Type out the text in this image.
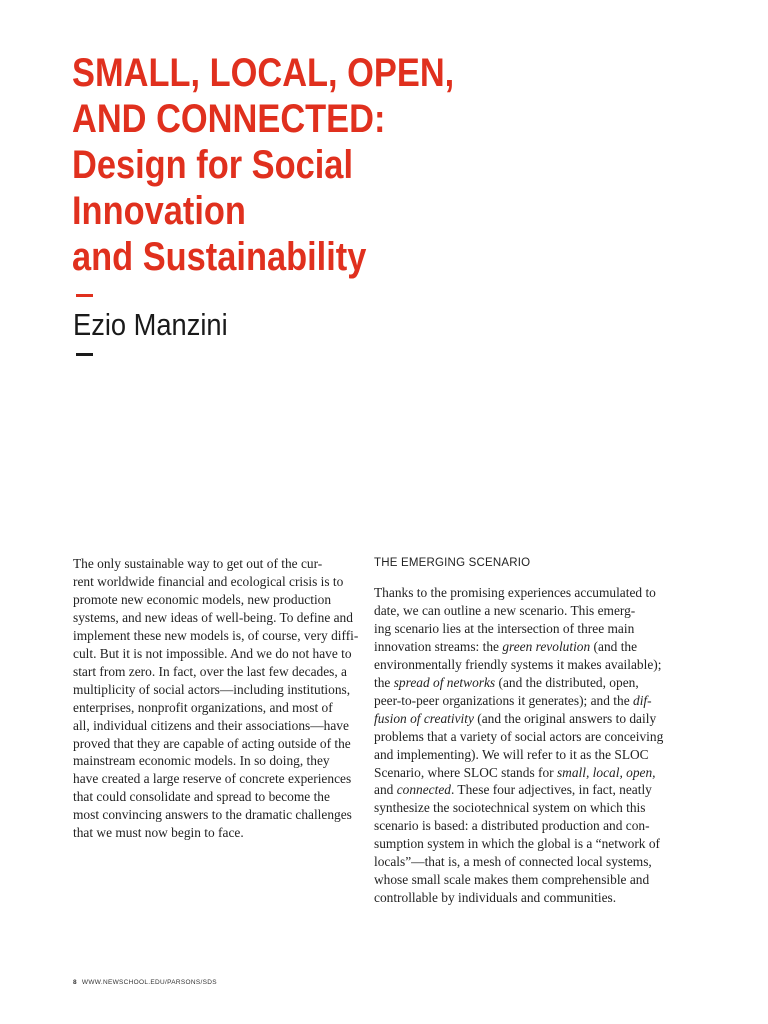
SMALL, LOCAL, OPEN,
AND CONNECTED:
Design for Social
Innovation
and Sustainability
Ezio Manzini
The only sustainable way to get out of the cur-
rent worldwide financial and ecological crisis is to
promote new economic models, new production
systems, and new ideas of well-being. To define and
implement these new models is, of course, very diffi-
cult. But it is not impossible. And we do not have to
start from zero. In fact, over the last few decades, a
multiplicity of social actors—including institutions,
enterprises, nonprofit organizations, and most of
all, individual citizens and their associations—have
proved that they are capable of acting outside of the
mainstream economic models. In so doing, they
have created a large reserve of concrete experiences
that could consolidate and spread to become the
most convincing answers to the dramatic challenges
that we must now begin to face.
THE EMERGING SCENARIO
Thanks to the promising experiences accumulated to
date, we can outline a new scenario. This emerg-
ing scenario lies at the intersection of three main
innovation streams: the green revolution (and the
environmentally friendly systems it makes available);
the spread of networks (and the distributed, open,
peer-to-peer organizations it generates); and the dif-
fusion of creativity (and the original answers to daily
problems that a variety of social actors are conceiving
and implementing). We will refer to it as the SLOC
Scenario, where SLOC stands for small, local, open,
and connected. These four adjectives, in fact, neatly
synthesize the sociotechnical system on which this
scenario is based: a distributed production and con-
sumption system in which the global is a “network of
locals”—that is, a mesh of connected local systems,
whose small scale makes them comprehensible and
controllable by individuals and communities.
8 WWW.NEWSCHOOL.EDU/PARSONS/SDS
